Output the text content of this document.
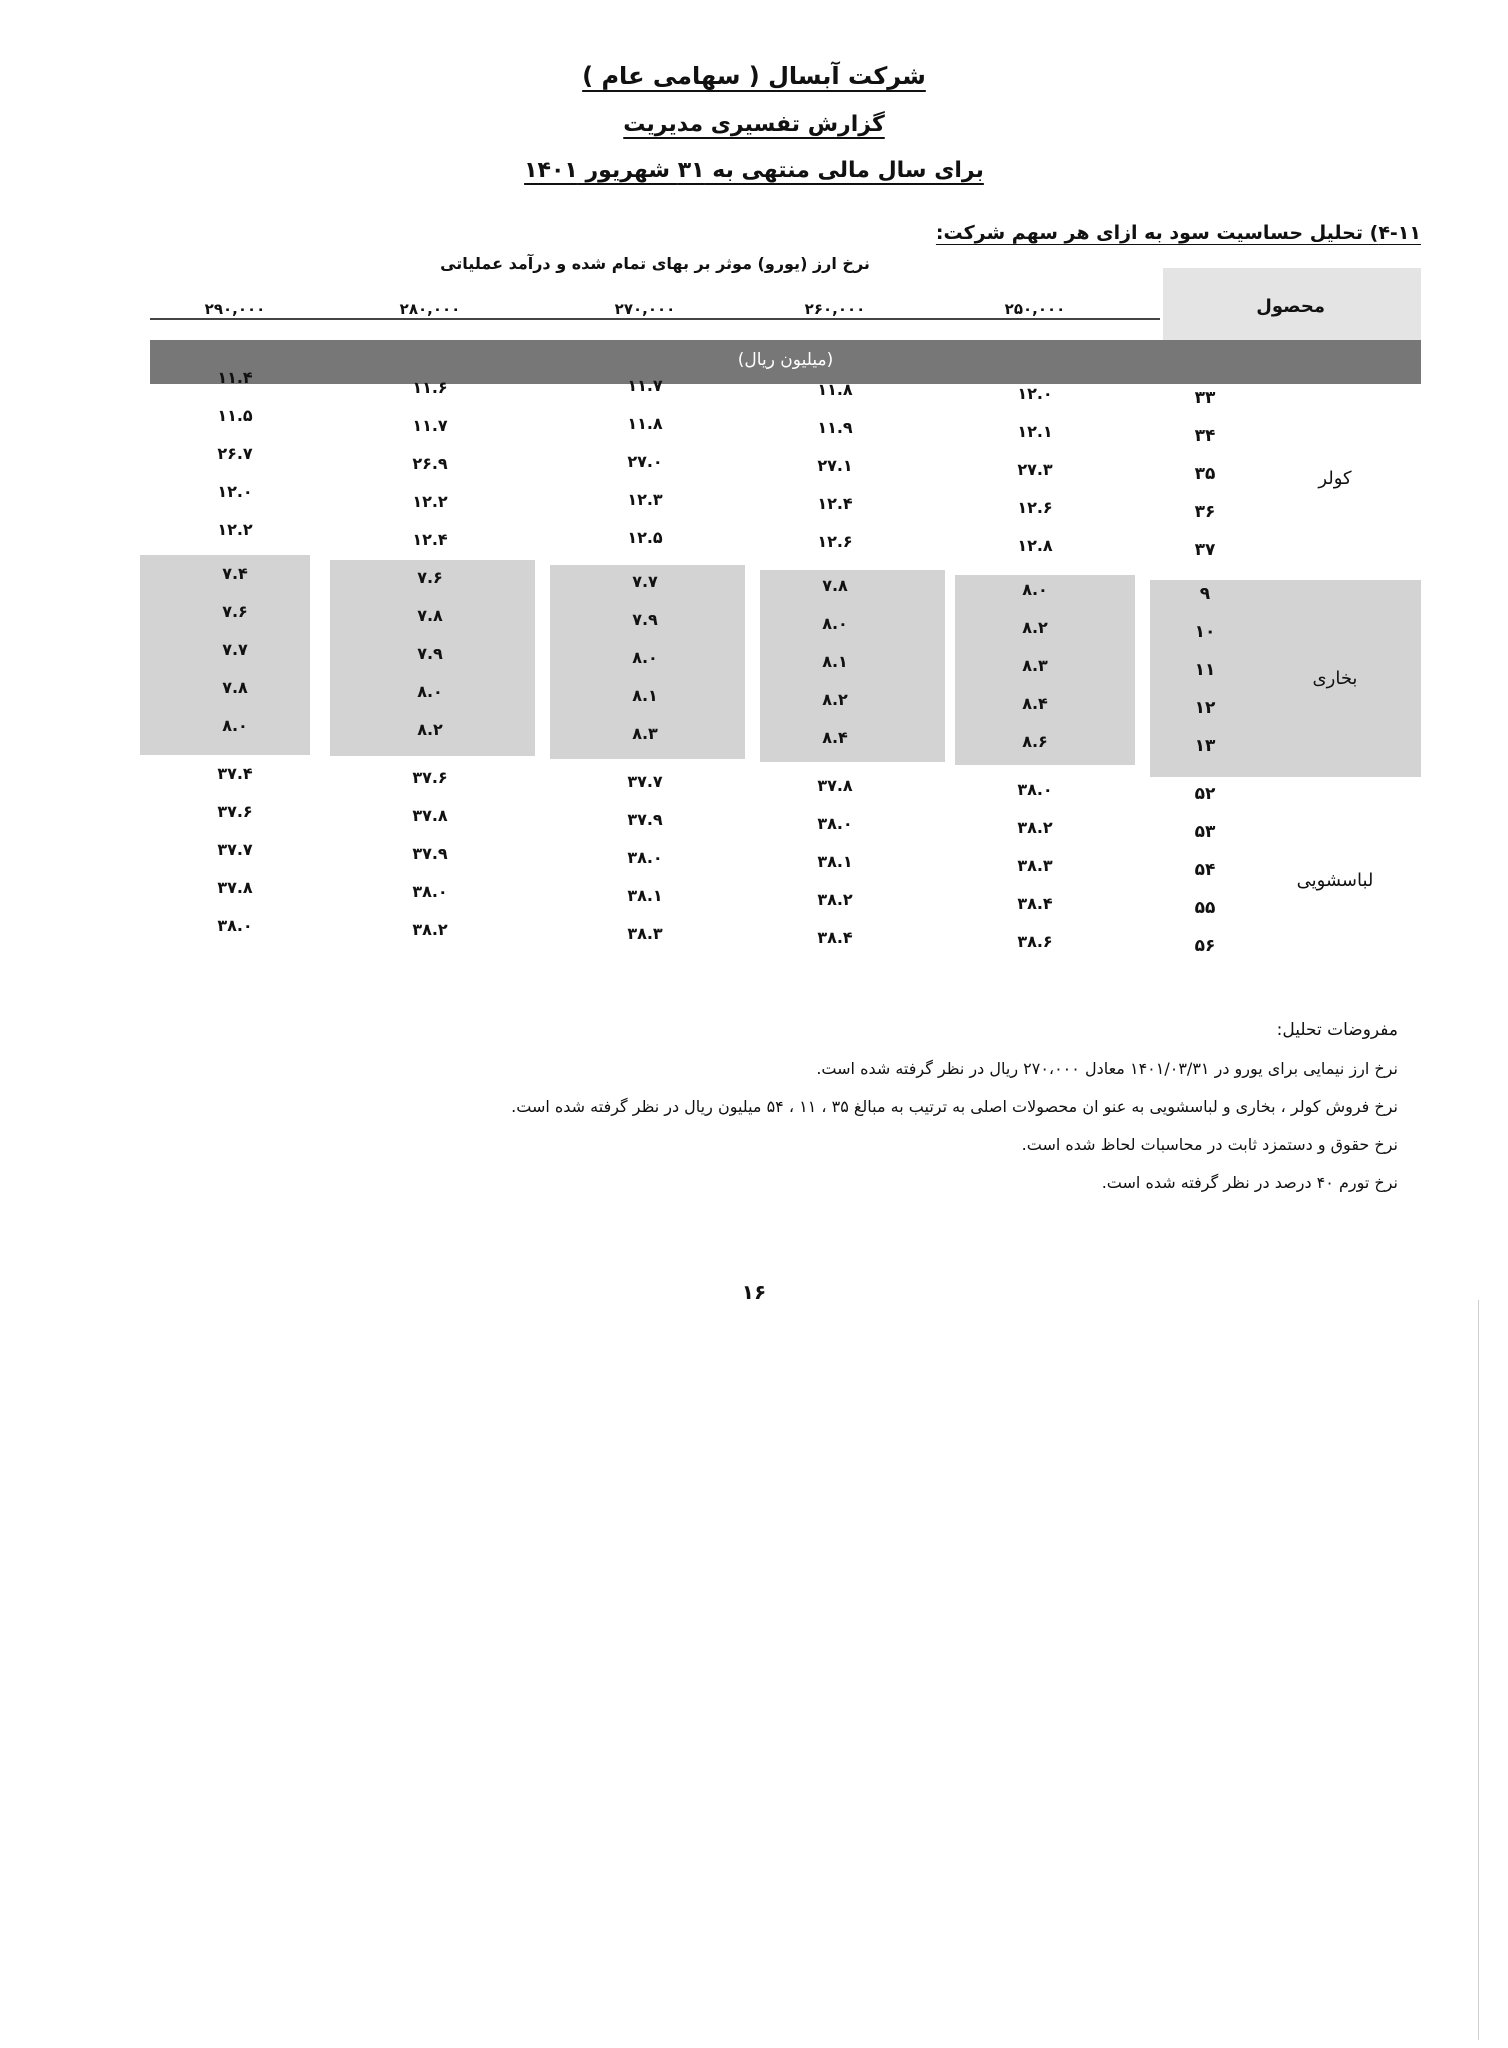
شرکت آبسال ( سهامی عام )
گزارش تفسیری مدیریت
برای سال مالی منتهی به ۳۱ شهریور ۱۴۰۱
۴-۱۱) تحلیل حساسیت سود به ازای هر سهم شرکت:
نرخ ارز (یورو) موثر بر بهای تمام شده و درآمد عملیاتی
محصول
۲۵۰,۰۰۰
۲۶۰,۰۰۰
۲۷۰,۰۰۰
۲۸۰,۰۰۰
۲۹۰,۰۰۰
(میلیون ریال)
کولر
۳۳
۱۲.۰
۱۱.۸
۱۱.۷
۱۱.۶
۱۱.۴
۳۴
۱۲.۱
۱۱.۹
۱۱.۸
۱۱.۷
۱۱.۵
۳۵
۲۷.۳
۲۷.۱
۲۷.۰
۲۶.۹
۲۶.۷
۳۶
۱۲.۶
۱۲.۴
۱۲.۳
۱۲.۲
۱۲.۰
۳۷
۱۲.۸
۱۲.۶
۱۲.۵
۱۲.۴
۱۲.۲
بخاری
۹
۸.۰
۷.۸
۷.۷
۷.۶
۷.۴
۱۰
۸.۲
۸.۰
۷.۹
۷.۸
۷.۶
۱۱
۸.۳
۸.۱
۸.۰
۷.۹
۷.۷
۱۲
۸.۴
۸.۲
۸.۱
۸.۰
۷.۸
۱۳
۸.۶
۸.۴
۸.۳
۸.۲
۸.۰
لباسشویی
۵۲
۳۸.۰
۳۷.۸
۳۷.۷
۳۷.۶
۳۷.۴
۵۳
۳۸.۲
۳۸.۰
۳۷.۹
۳۷.۸
۳۷.۶
۵۴
۳۸.۳
۳۸.۱
۳۸.۰
۳۷.۹
۳۷.۷
۵۵
۳۸.۴
۳۸.۲
۳۸.۱
۳۸.۰
۳۷.۸
۵۶
۳۸.۶
۳۸.۴
۳۸.۳
۳۸.۲
۳۸.۰
مفروضات تحلیل:
نرخ ارز نیمایی برای یورو در ۱۴۰۱/۰۳/۳۱ معادل ۲۷۰،۰۰۰ ریال در نظر گرفته شده است.
نرخ فروش کولر ، بخاری و لباسشویی به عنو ان محصولات اصلی به ترتیب به مبالغ ۳۵ ، ۱۱ ، ۵۴ میلیون ریال در نظر گرفته شده است.
نرخ حقوق و دستمزد ثابت در محاسبات لحاظ شده است.
نرخ تورم ۴۰ درصد در نظر گرفته شده است.
۱۶
